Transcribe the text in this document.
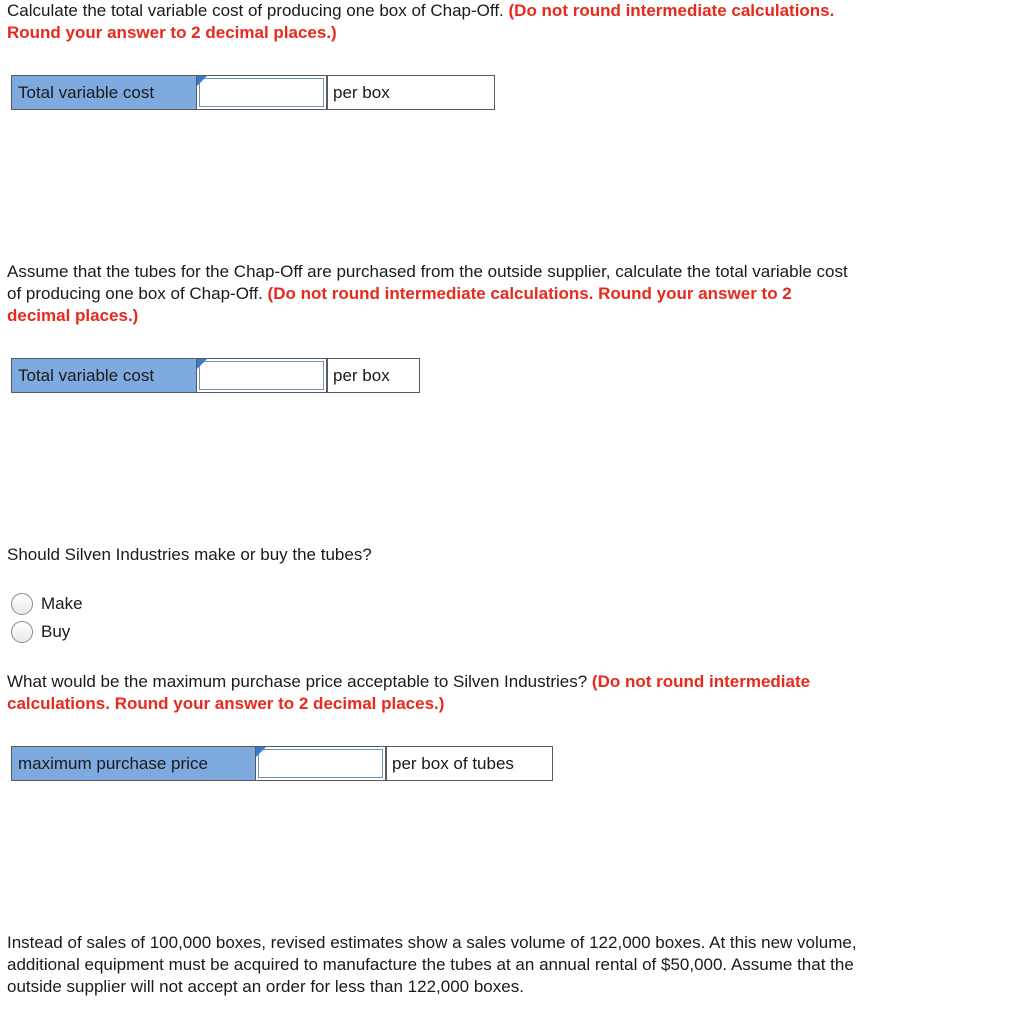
Calculate the total variable cost of producing one box of Chap-Off. (Do not round intermediate calculations. Round your answer to 2 decimal places.)
Total variable cost	per box
Assume that the tubes for the Chap-Off are purchased from the outside supplier, calculate the total variable cost of producing one box of Chap-Off. (Do not round intermediate calculations. Round your answer to 2 decimal places.)
Total variable cost	per box
Should Silven Industries make or buy the tubes?
Make
Buy
What would be the maximum purchase price acceptable to Silven Industries? (Do not round intermediate calculations. Round your answer to 2 decimal places.)
maximum purchase price	per box of tubes
Instead of sales of 100,000 boxes, revised estimates show a sales volume of 122,000 boxes. At this new volume, additional equipment must be acquired to manufacture the tubes at an annual rental of $50,000. Assume that the outside supplier will not accept an order for less than 122,000 boxes.
